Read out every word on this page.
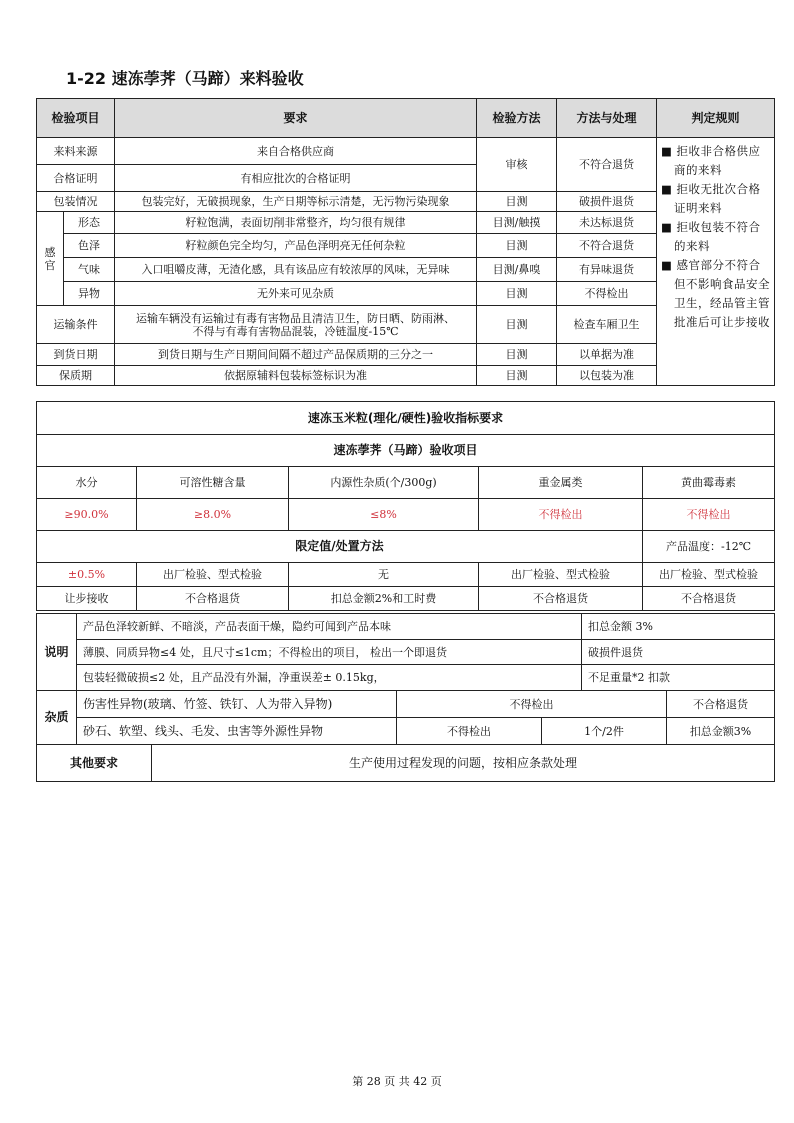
1-22 速冻荸荠（马蹄）来料验收
检验项目		要求	检验方法	方法与处理	判定规则
来料来源		来自合格供应商	审核	不符合退货	■ 拒收非合格供应商的来料
■ 拒收无批次合格证明来料
■ 拒收包装不符合的来料
■ 感官部分不符合但不影响食品安全卫生，经品管主管批准后可让步接收

合格证明		有相应批次的合格证明			
包装情况		包装完好，无破损现象，生产日期等标示清楚，无污物污染现象	目测	破损件退货	
感官	形态	籽粒饱满，表面切削非常整齐，均匀很有规律	目测/触摸	未达标退货	
	色泽	籽粒颜色完全均匀，产品色泽明亮无任何杂粒	目测	不符合退货	
	气味	入口咀嚼皮薄，无渣化感，具有该品应有较浓厚的风味，无异味	目测/鼻嗅	有异味退货	
	异物	无外来可见杂质	目测	不得检出	
运输条件		运输车辆没有运输过有毒有害物品且清洁卫生，防日晒、防雨淋、
不得与有毒有害物品混装，冷链温度-15℃	目测	检查车厢卫生	
到货日期		到货日期与生产日期间间隔不超过产品保质期的三分之一	目测	以单据为准	
保质期		依据原辅料包装标签标识为准	目测	以包装为准	
速冻玉米粒(理化/硬性)验收指标要求				
速冻荸荠（马蹄）验收项目				
水分	可溶性糖含量	内源性杂质(个/300g)	重金属类	黄曲霉毒素
≥90.0%	≥8.0%	≤8%	不得检出	不得检出
限定值/处置方法				产品温度：-12℃
±0.5%	出厂检验、型式检验	无	出厂检验、型式检验	出厂检验、型式检验
让步接收	不合格退货	扣总金额2%和工时费	不合格退货	不合格退货
说明	产品色泽较新鲜、不暗淡，产品表面干燥，隐约可闻到产品本味	扣总金额 3%
	薄膜、同质异物≤4 处，且尺寸≤1cm；不得检出的项目， 检出一个即退货	破损件退货
	包装轻微破损≤2 处，且产品没有外漏，净重误差± 0.15kg，	不足重量*2 扣款
杂质	伤害性异物(玻璃、竹签、铁钉、人为带入异物)	不得检出		不合格退货
	砂石、软塑、线头、毛发、虫害等外源性异物	不得检出	1个/2件	扣总金额3%
其他要求	生产使用过程发现的问题，按相应条款处理
第 28 页 共 42 页
